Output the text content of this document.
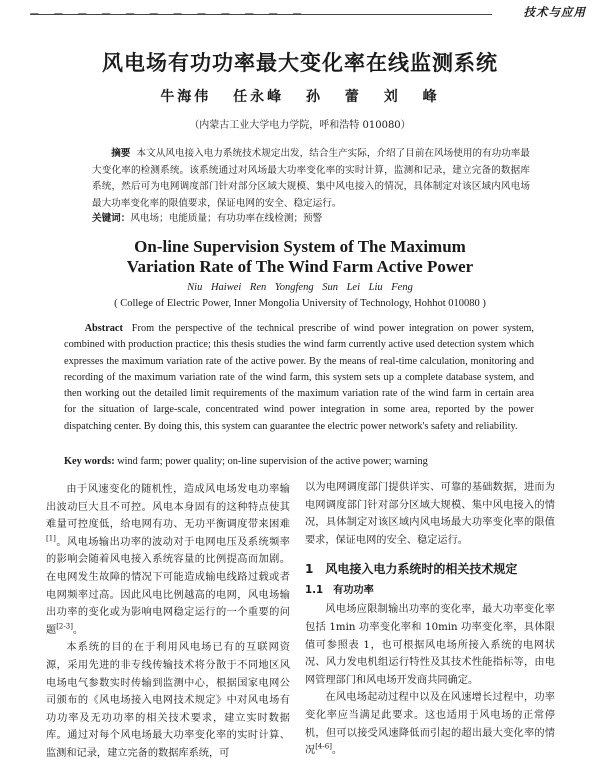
— — — — — — — — — — — —	技术与应用
风电场有功功率最大变化率在线监测系统
牛海伟 任永峰 孙 蕾 刘 峰
（内蒙古工业大学电力学院，呼和浩特 010080）
摘要 本文从风电接入电力系统技术规定出发，结合生产实际，介绍了目前在风场使用的有功功率最大变化率的检测系统。该系统通过对风场最大功率变化率的实时计算，监测和记录，建立完备的数据库系统，然后可为电网调度部门针对部分区域大规模、集中风电接入的情况，具体制定对该区域内风电场最大功率变化率的限值要求，保证电网的安全、稳定运行。
关键词：风电场；电能质量；有功功率在线检测；预警
On-line Supervision System of The Maximum
Variation Rate of The Wind Farm Active Power
Niu Haiwei Ren Yongfeng Sun Lei Liu Feng
( College of Electric Power, Inner Mongolia University of Technology, Hohhot 010080 )
Abstract From the perspective of the technical prescribe of wind power integration on power system, combined with production practice; this thesis studies the wind farm currently active used detection system which expresses the maximum variation rate of the active power. By the means of real-time calculation, monitoring and recording of the maximum variation rate of the wind farm, this system sets up a complete database system, and then working out the detailed limit requirements of the maximum variation rate of the wind farm in certain area for the situation of large-scale, concentrated wind power integration in some area, reported by the power dispatching center. By doing this, this system can guarantee the electric power network's safety and reliability.
Key words: wind farm; power quality; on-line supervision of the active power; warning

由于风速变化的随机性，造成风电场发电功率输出波动巨大且不可控。风电本身固有的这种特点使其难量可控度低，给电网有功、无功平衡调度带来困难[1]。风电场输出功率的波动对于电网电压及系统频率的影响会随着风电接入系统容量的比例提高而加剧。在电网发生故障的情况下可能造成输电线路过载或者电网频率过高。因此风电比例越高的电网，风电场输出功率的变化或为影响电网稳定运行的一个重要的问题[2-3]。

本系统的目的在于利用风电场已有的互联网资源，采用先进的非专线传输技术将分散于不同地区风电场电气参数实时传输到监测中心，根据国家电网公司颁布的《风电场接入电网技术规定》中对风电场有功功率及无功功率的相关技术要求，建立实时数据库。通过对每个风电场最大功率变化率的实时计算、监测和记录，建立完备的数据库系统，可

以为电网调度部门提供详实、可靠的基础数据，进而为电网调度部门针对部分区域大规模、集中风电接入的情况，具体制定对该区域内风电场最大功率变化率的限值要求，保证电网的安全、稳定运行。

1 风电接入电力系统时的相关技术规定
1.1 有功功率

风电场应限制输出功率的变化率，最大功率变化率包括 1min 功率变化率和 10min 功率变化率，具体限值可参照表 1，也可根据风电场所接入系统的电网状况、风力发电机组运行特性及其技术性能指标等，由电网管理部门和风电场开发商共同确定。

在风电场起动过程中以及在风速增长过程中，功率变化率应当满足此要求。这也适用于风电场的正常停机，但可以接受风速降低而引起的超出最大变化率的情况[4-6]。
